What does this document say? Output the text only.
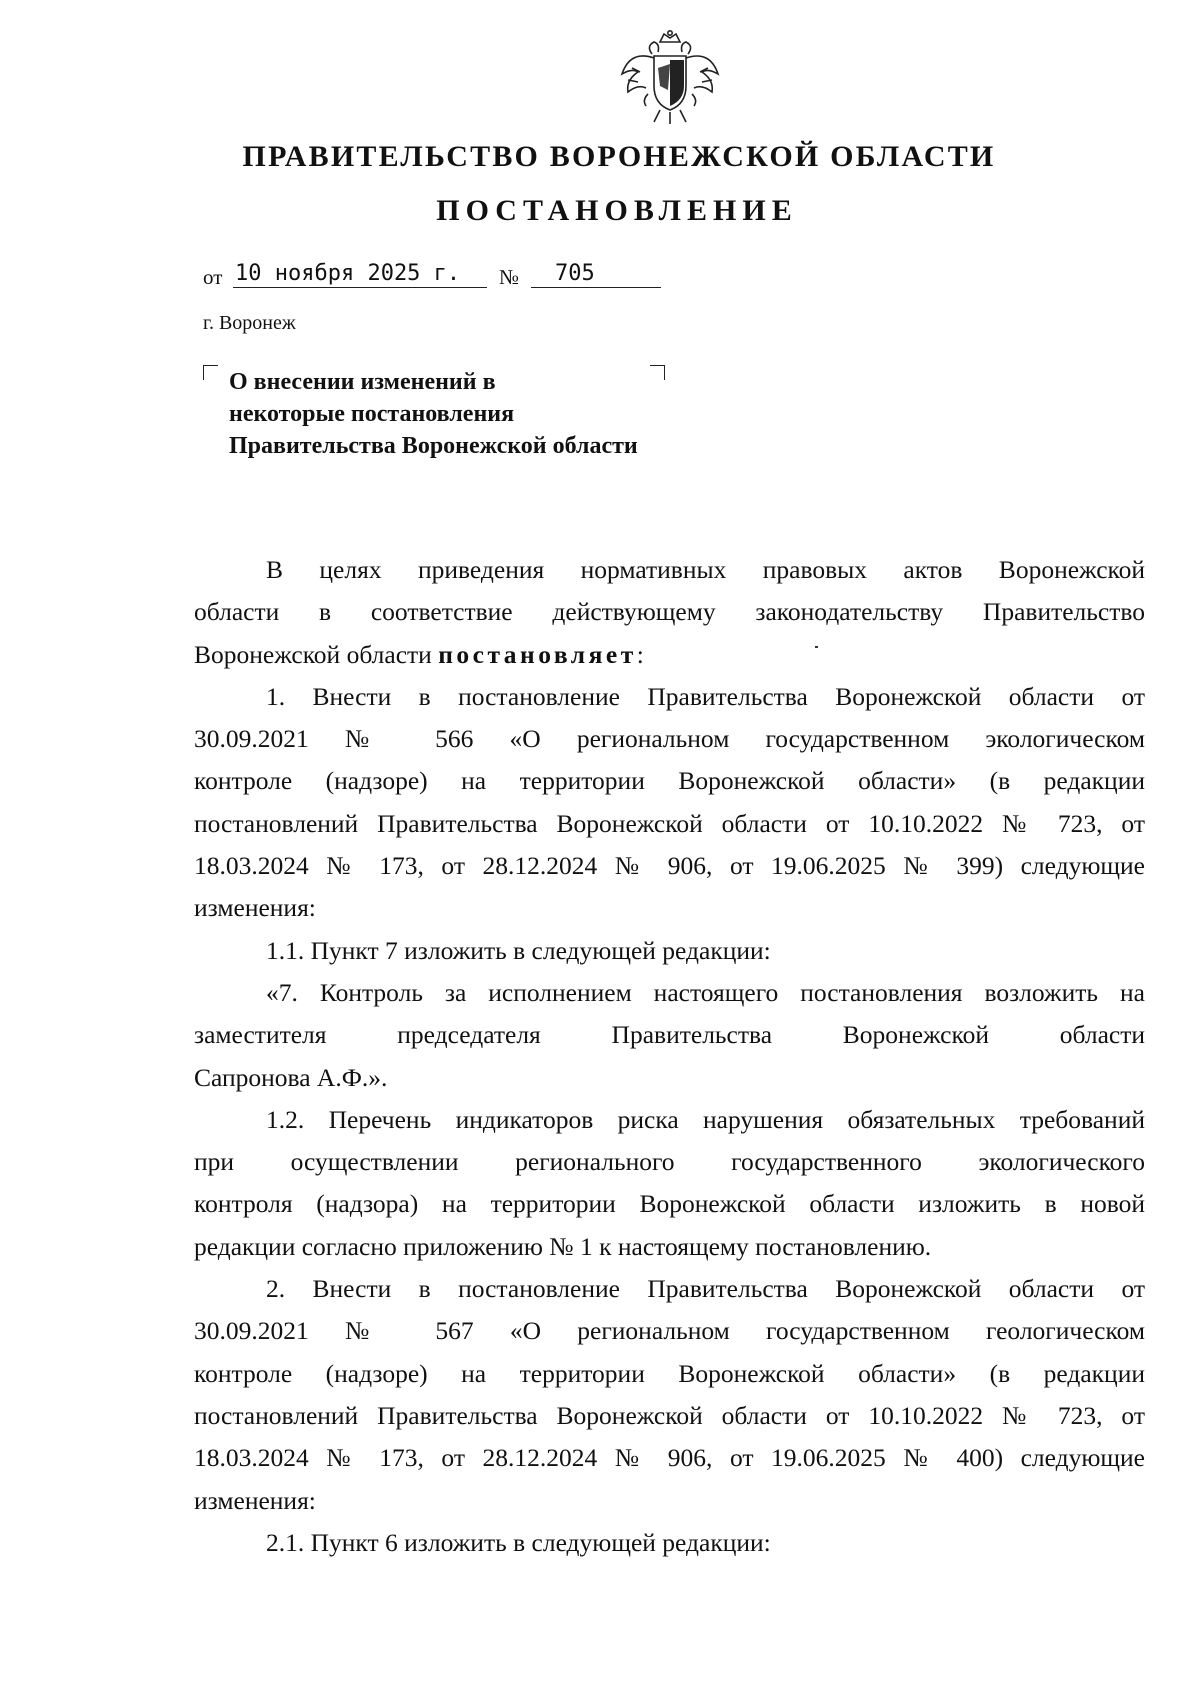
ПРАВИТЕЛЬСТВО ВОРОНЕЖСКОЙ ОБЛАСТИ
ПОСТАНОВЛЕНИЕ
от 10 ноября 2025 г. № 705
г. Воронеж
О внесении изменений в
некоторые постановления
Правительства Воронежской области
В целях приведения нормативных правовых актов Воронежской
области в соответствие действующему законодательству Правительство
Воронежской области постановляет:
1. Внести в постановление Правительства Воронежской области от
30.09.2021 № 566 «О региональном государственном экологическом
контроле (надзоре) на территории Воронежской области» (в редакции
постановлений Правительства Воронежской области от 10.10.2022 № 723, от
18.03.2024 № 173, от 28.12.2024 № 906, от 19.06.2025 № 399) следующие
изменения:
1.1. Пункт 7 изложить в следующей редакции:
«7. Контроль за исполнением настоящего постановления возложить на
заместителя председателя Правительства Воронежской области
Сапронова А.Ф.».
1.2. Перечень индикаторов риска нарушения обязательных требований
при осуществлении регионального государственного экологического
контроля (надзора) на территории Воронежской области изложить в новой
редакции согласно приложению № 1 к настоящему постановлению.
2. Внести в постановление Правительства Воронежской области от
30.09.2021 № 567 «О региональном государственном геологическом
контроле (надзоре) на территории Воронежской области» (в редакции
постановлений Правительства Воронежской области от 10.10.2022 № 723, от
18.03.2024 № 173, от 28.12.2024 № 906, от 19.06.2025 № 400) следующие
изменения:
2.1. Пункт 6 изложить в следующей редакции:
